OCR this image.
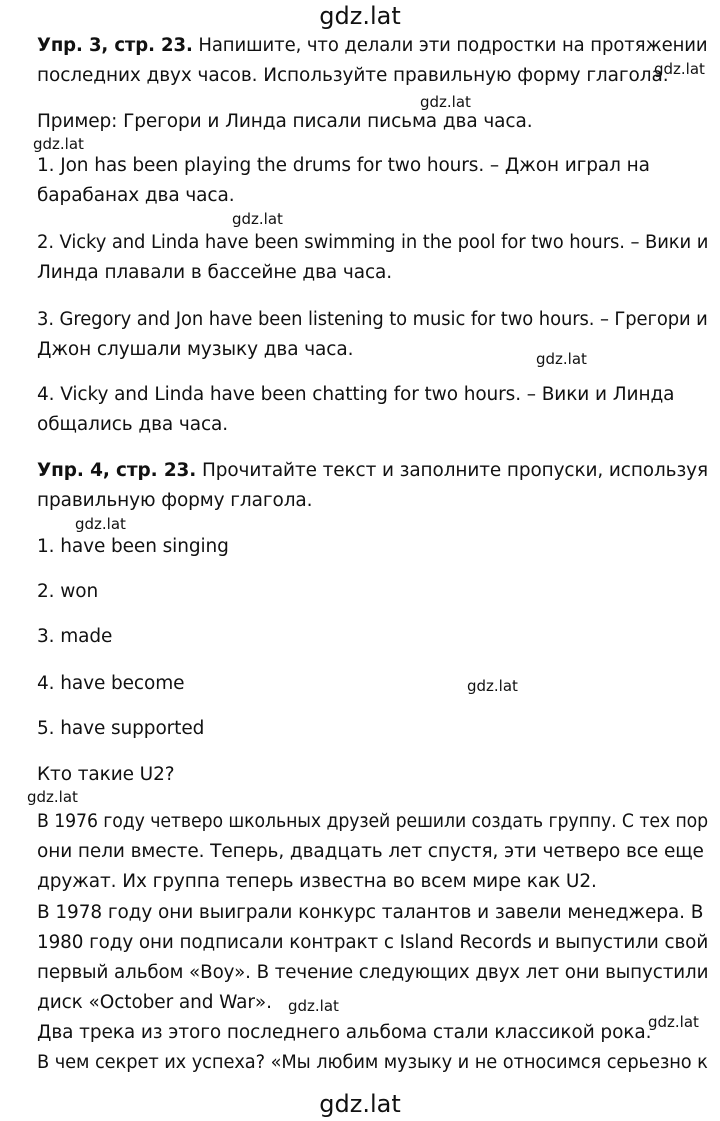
gdz.lat
Упр. 3, стр. 23. Напишите, что делали эти подростки на протяжении
последних двух часов. Используйте правильную форму глагола.
gdz.lat
gdz.lat
Пример: Грегори и Линда писали письма два часа.
gdz.lat
1. Jon has been playing the drums for two hours. – Джон играл на
барабанах два часа.
gdz.lat
2. Vicky and Linda have been swimming in the pool for two hours. – Вики и
Линда плавали в бассейне два часа.
3. Gregory and Jon have been listening to music for two hours. – Грегори и
Джон слушали музыку два часа.	gdz.lat
4. Vicky and Linda have been chatting for two hours. – Вики и Линда
общались два часа.
Упр. 4, стр. 23. Прочитайте текст и заполните пропуски, используя
правильную форму глагола.
gdz.lat
1. have been singing
2. won
3. made
4. have become	gdz.lat
5. have supported
Кто такие U2?
gdz.lat
В 1976 году четверо школьных друзей решили создать группу. С тех пор
они пели вместе. Теперь, двадцать лет спустя, эти четверо все еще
дружат. Их группа теперь известна во всем мире как U2.
В 1978 году они выиграли конкурс талантов и завели менеджера. В
1980 году они подписали контракт с Island Records и выпустили свой
первый альбом «Boy». В течение следующих двух лет они выпустили
диск «October and War». gdz.lat
gdz.lat
Два трека из этого последнего альбома стали классикой рока.
В чем секрет их успеха? «Мы любим музыку и не относимся серьезно к
gdz.lat
